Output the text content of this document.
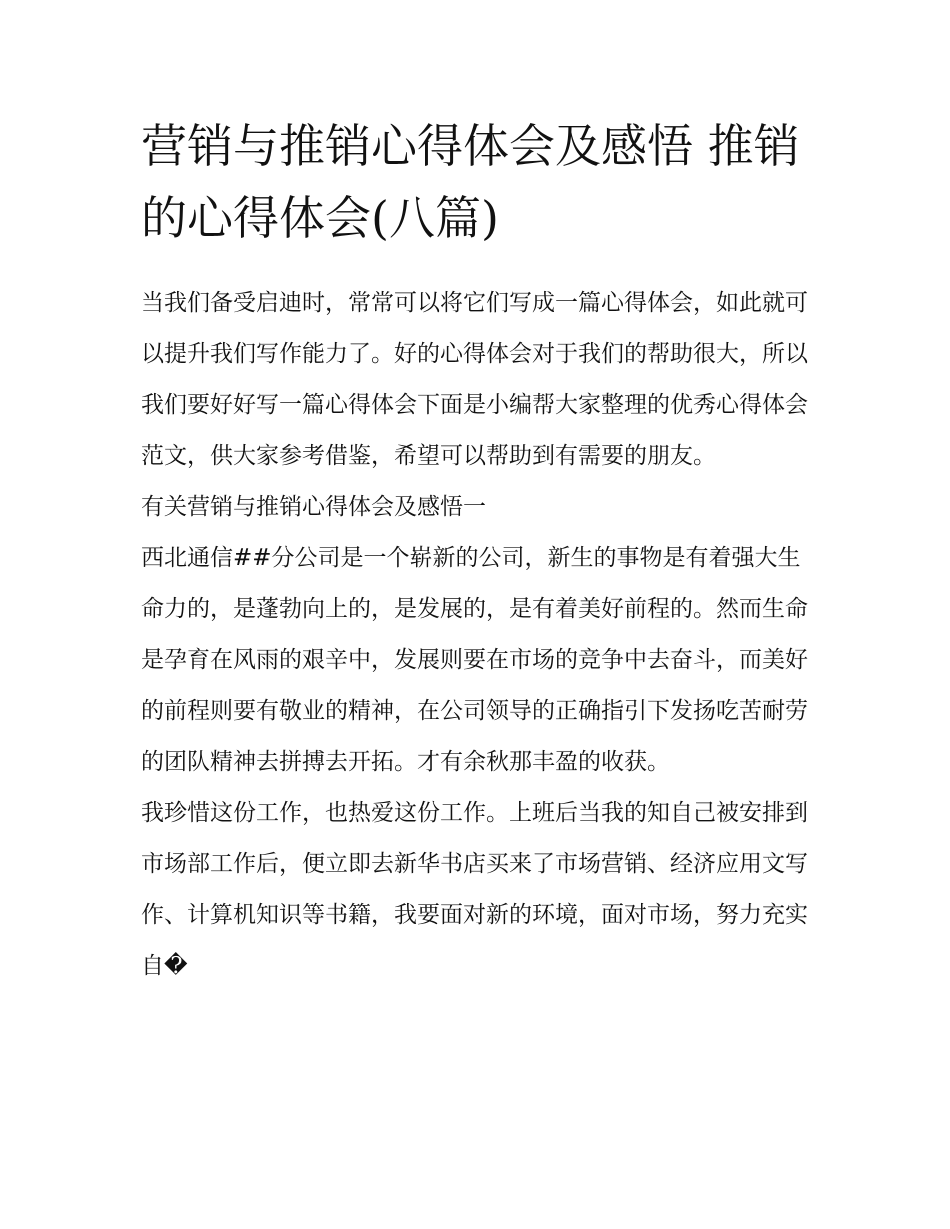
营销与推销心得体会及感悟 推销的心得体会(八篇)

当我们备受启迪时，常常可以将它们写成一篇心得体会，如此就可以提升我们写作能力了。好的心得体会对于我们的帮助很大，所以我们要好好写一篇心得体会下面是小编帮大家整理的优秀心得体会范文，供大家参考借鉴，希望可以帮助到有需要的朋友。

有关营销与推销心得体会及感悟一

西北通信##分公司是一个崭新的公司，新生的事物是有着强大生命力的，是蓬勃向上的，是发展的，是有着美好前程的。然而生命是孕育在风雨的艰辛中，发展则要在市场的竞争中去奋斗，而美好的前程则要有敬业的精神，在公司领导的正确指引下发扬吃苦耐劳的团队精神去拼搏去开拓。才有余秋那丰盈的收获。

我珍惜这份工作，也热爱这份工作。上班后当我的知自己被安排到市场部工作后，便立即去新华书店买来了市场营销、经济应用文写作、计算机知识等书籍，我要面对新的环境，面对市场，努力充实自�
